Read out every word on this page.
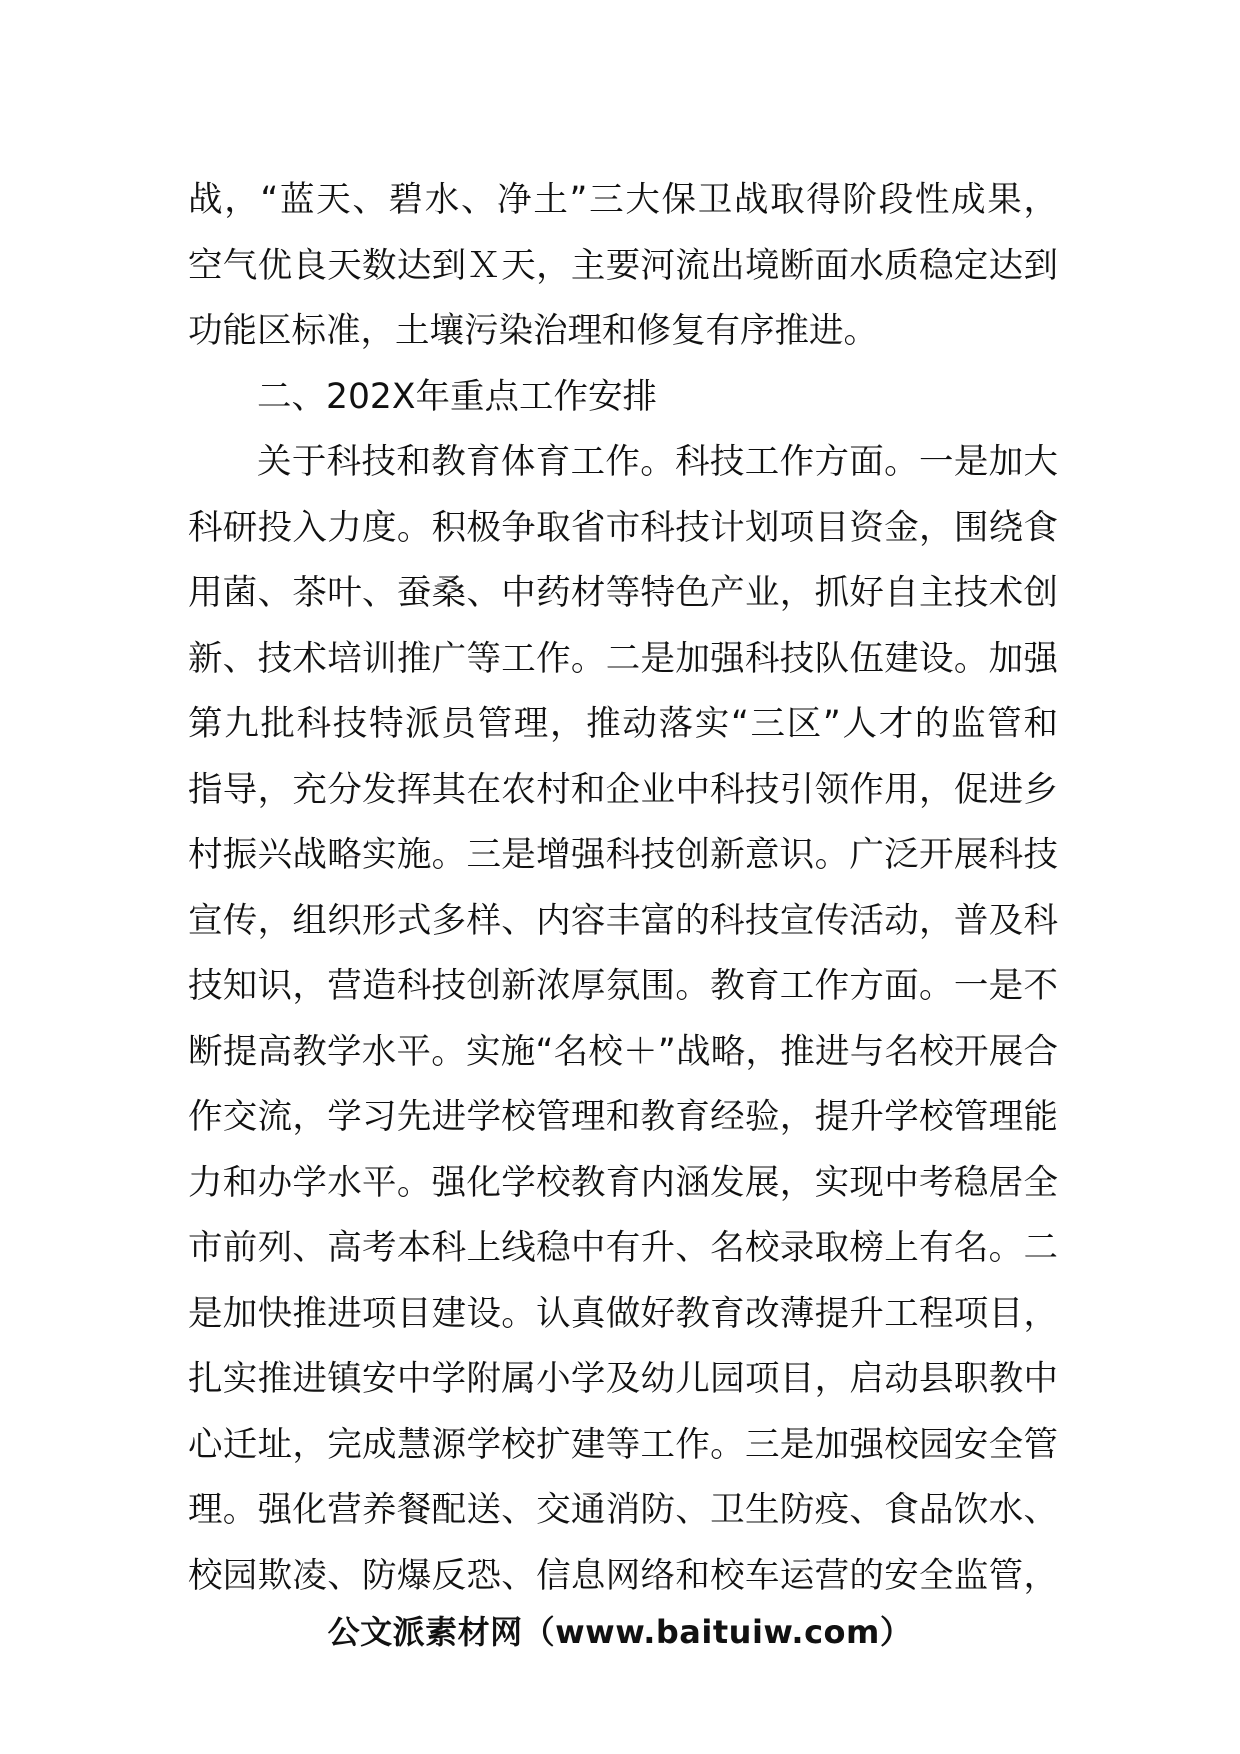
战，“蓝天、碧水、净土”三大保卫战取得阶段性成果，
空气优良天数达到Ｘ天，主要河流出境断面水质稳定达到
功能区标准，土壤污染治理和修复有序推进。
二、202X年重点工作安排
关于科技和教育体育工作。科技工作方面。一是加大
科研投入力度。积极争取省市科技计划项目资金，围绕食
用菌、茶叶、蚕桑、中药材等特色产业，抓好自主技术创
新、技术培训推广等工作。二是加强科技队伍建设。加强
第九批科技特派员管理，推动落实“三区”人才的监管和
指导，充分发挥其在农村和企业中科技引领作用，促进乡
村振兴战略实施。三是增强科技创新意识。广泛开展科技
宣传，组织形式多样、内容丰富的科技宣传活动，普及科
技知识，营造科技创新浓厚氛围。教育工作方面。一是不
断提高教学水平。实施“名校＋”战略，推进与名校开展合
作交流，学习先进学校管理和教育经验，提升学校管理能
力和办学水平。强化学校教育内涵发展，实现中考稳居全
市前列、高考本科上线稳中有升、名校录取榜上有名。二
是加快推进项目建设。认真做好教育改薄提升工程项目，
扎实推进镇安中学附属小学及幼儿园项目，启动县职教中
心迁址，完成慧源学校扩建等工作。三是加强校园安全管
理。强化营养餐配送、交通消防、卫生防疫、食品饮水、
校园欺凌、防爆反恐、信息网络和校车运营的安全监管，
公文派素材网（www.baituiw.com）
